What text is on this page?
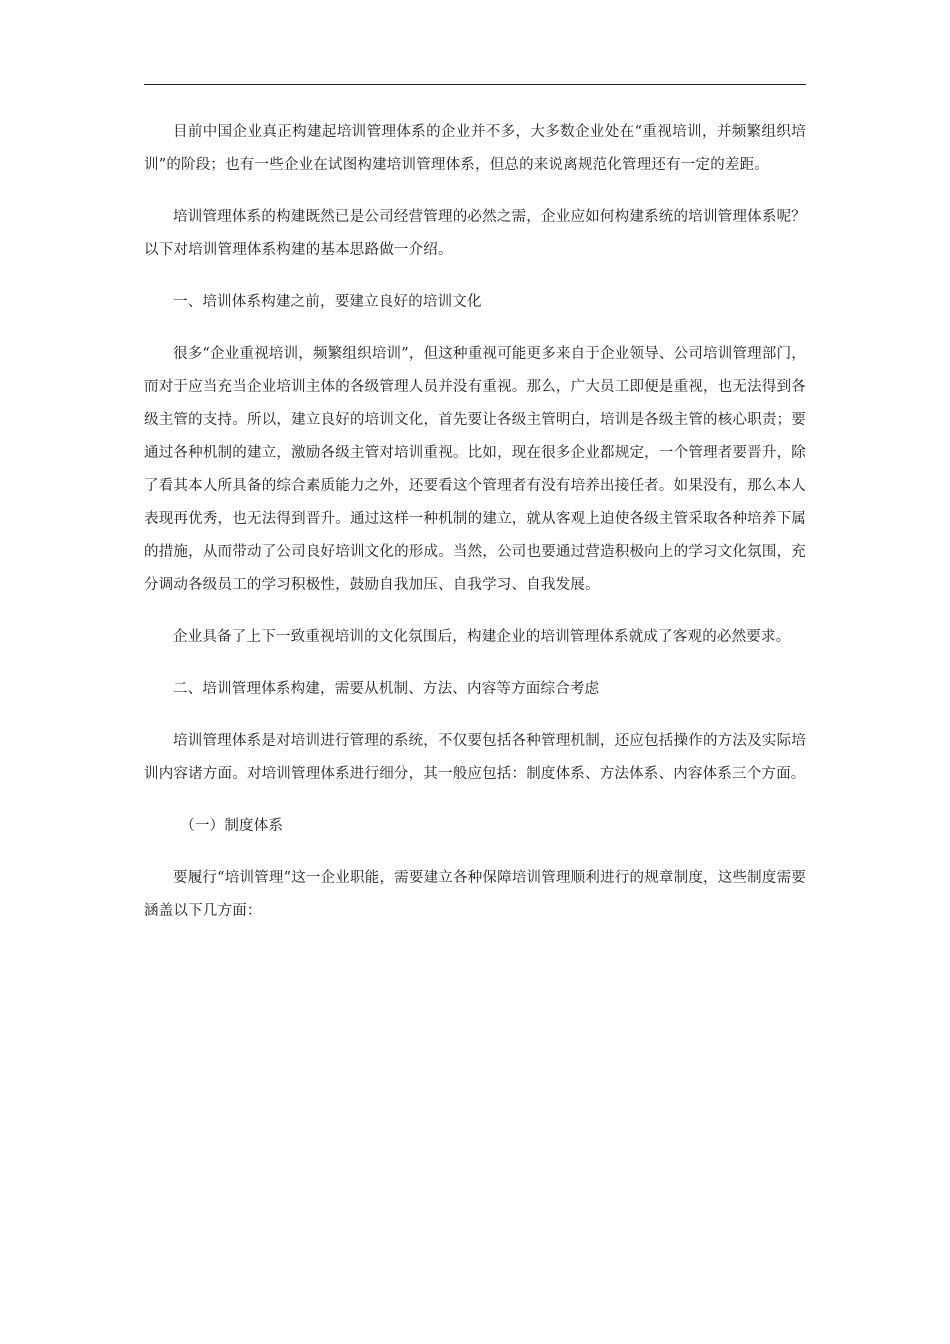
目前中国企业真正构建起培训管理体系的企业并不多，大多数企业处在“重视培训，并频繁组织培训”的阶段；也有一些企业在试图构建培训管理体系，但总的来说离规范化管理还有一定的差距。

培训管理体系的构建既然已是公司经营管理的必然之需，企业应如何构建系统的培训管理体系呢？以下对培训管理体系构建的基本思路做一介绍。

一、培训体系构建之前，要建立良好的培训文化

很多“企业重视培训，频繁组织培训”，但这种重视可能更多来自于企业领导、公司培训管理部门，而对于应当充当企业培训主体的各级管理人员并没有重视。那么，广大员工即便是重视，也无法得到各级主管的支持。所以，建立良好的培训文化，首先要让各级主管明白，培训是各级主管的核心职责；要通过各种机制的建立，激励各级主管对培训重视。比如，现在很多企业都规定，一个管理者要晋升，除了看其本人所具备的综合素质能力之外，还要看这个管理者有没有培养出接任者。如果没有，那么本人表现再优秀，也无法得到晋升。通过这样一种机制的建立，就从客观上迫使各级主管采取各种培养下属的措施，从而带动了公司良好培训文化的形成。当然，公司也要通过营造积极向上的学习文化氛围，充分调动各级员工的学习积极性，鼓励自我加压、自我学习、自我发展。

企业具备了上下一致重视培训的文化氛围后，构建企业的培训管理体系就成了客观的必然要求。

二、培训管理体系构建，需要从机制、方法、内容等方面综合考虑

培训管理体系是对培训进行管理的系统，不仅要包括各种管理机制，还应包括操作的方法及实际培训内容诸方面。对培训管理体系进行细分，其一般应包括：制度体系、方法体系、内容体系三个方面。

（一）制度体系

要履行“培训管理”这一企业职能，需要建立各种保障培训管理顺利进行的规章制度，这些制度需要涵盖以下几方面：
